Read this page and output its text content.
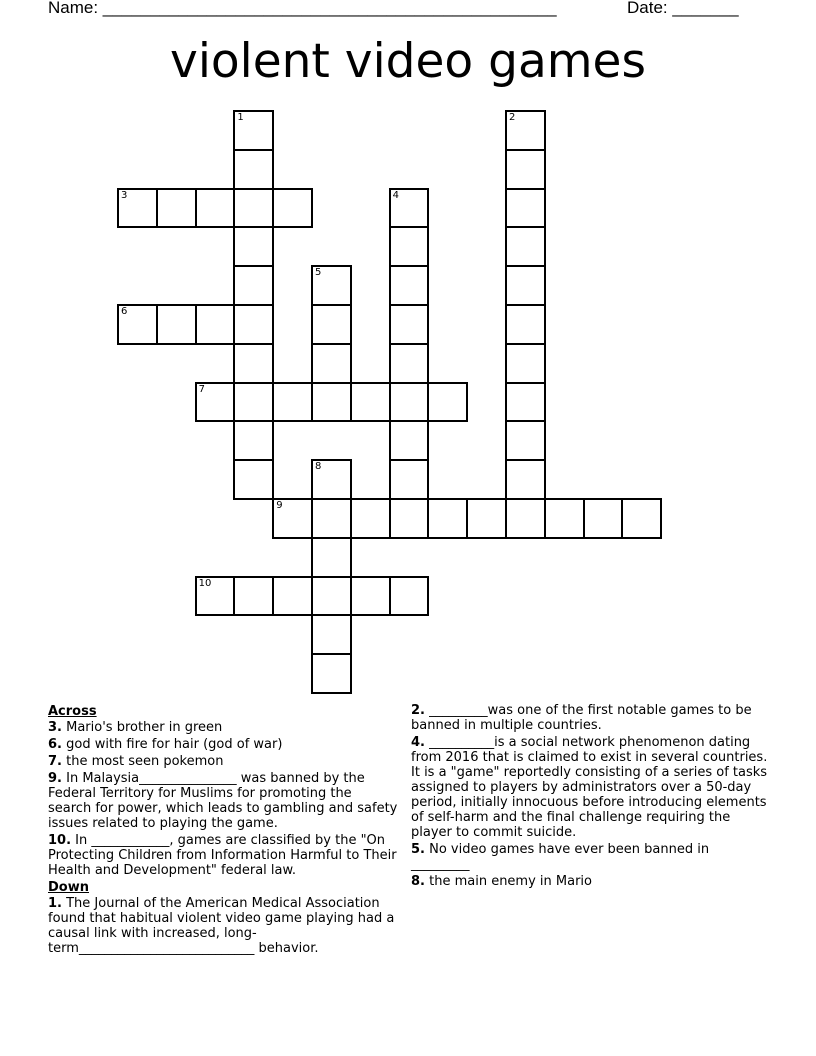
Name: ________________________________________________	Date: _______
violent video games
1	2
3	4
5
6
7
8
9
10
Across
3. Mario's brother in green
6. god with fire for hair (god of war)
7. the most seen pokemon
9. In Malaysia_______________ was banned by the Federal Territory for Muslims for promoting the search for power, which leads to gambling and safety issues related to playing the game.
10. In ____________, games are classified by the "On Protecting Children from Information Harmful to Their Health and Development" federal law.
Down
1. The Journal of the American Medical Association found that habitual violent video game playing had a causal link with increased, long-term___________________________ behavior.
2. _________was one of the first notable games to be banned in multiple countries.
4. __________is a social network phenomenon dating from 2016 that is claimed to exist in several countries. It is a "game" reportedly consisting of a series of tasks assigned to players by administrators over a 50-day period, initially innocuous before introducing elements of self-harm and the final challenge requiring the player to commit suicide.
5. No video games have ever been banned in _________
8. the main enemy in Mario
